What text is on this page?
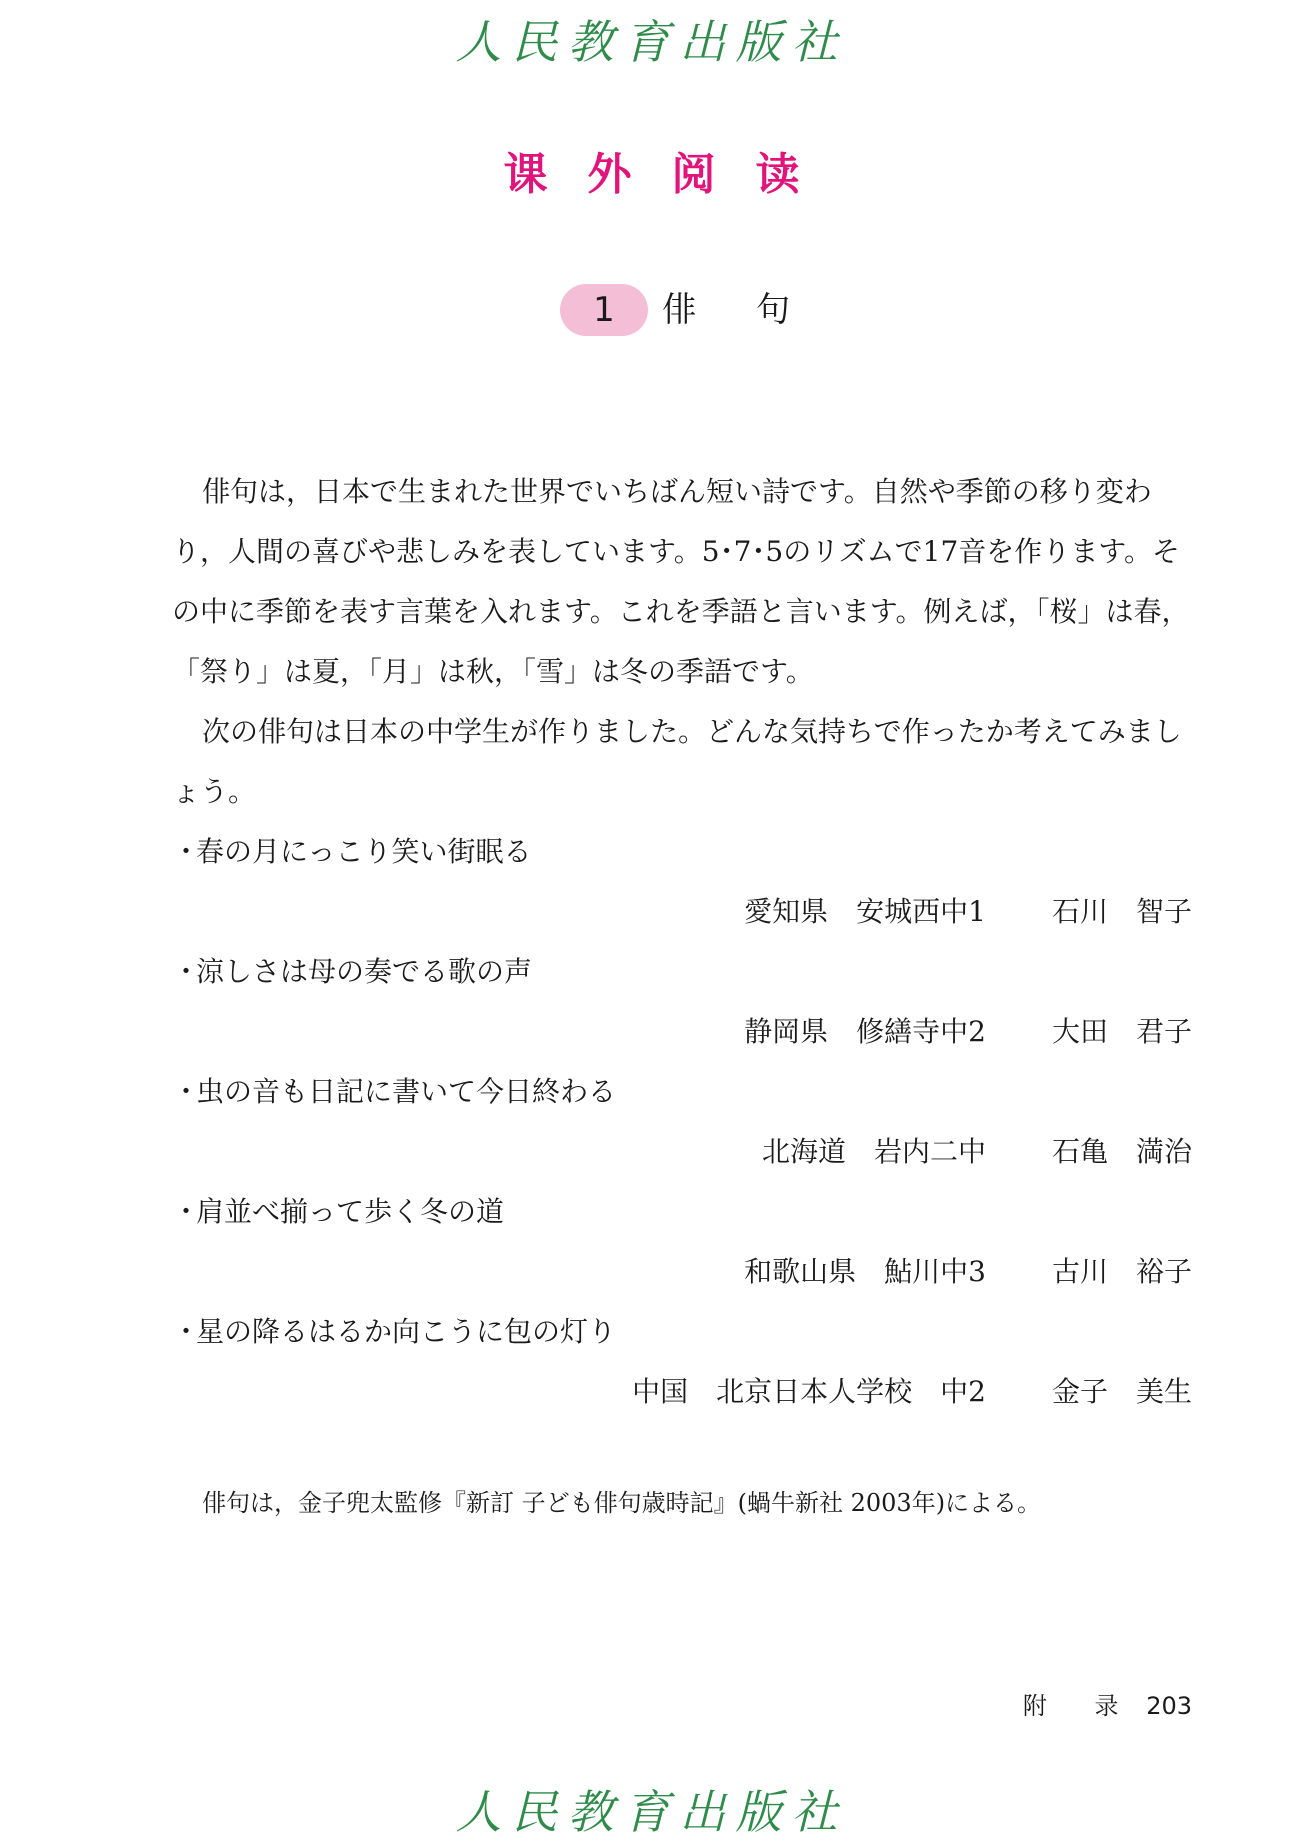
人民教育出版社
课外阅读
1	俳句

俳句は，日本で生まれた世界でいちばん短い詩です。自然や季節の移り変わり，人間の喜びや悲しみを表しています。5･7･5のリズムで17音を作ります。その中に季節を表す言葉を入れます。これを季語と言います。例えば，「桜」は春，「祭り」は夏，「月」は秋，「雪」は冬の季語です。

次の俳句は日本の中学生が作りました。どんな気持ちで作ったか考えてみましょう。

・春の月にっこり笑い街眠る
愛知県　安城西中1 石川　智子
・涼しさは母の奏でる歌の声
静岡県　修繕寺中2 大田　君子
・虫の音も日記に書いて今日終わる
北海道　岩内二中 石亀　満治
・肩並べ揃って歩く冬の道
和歌山県　鮎川中3 古川　裕子
・星の降るはるか向こうに包の灯り
中国　北京日本人学校　中2 金子　美生
俳句は，金子兜太監修『新訂 子ども俳句歳時記』(蝸牛新社 2003年)による。
附 录 203
人民教育出版社
